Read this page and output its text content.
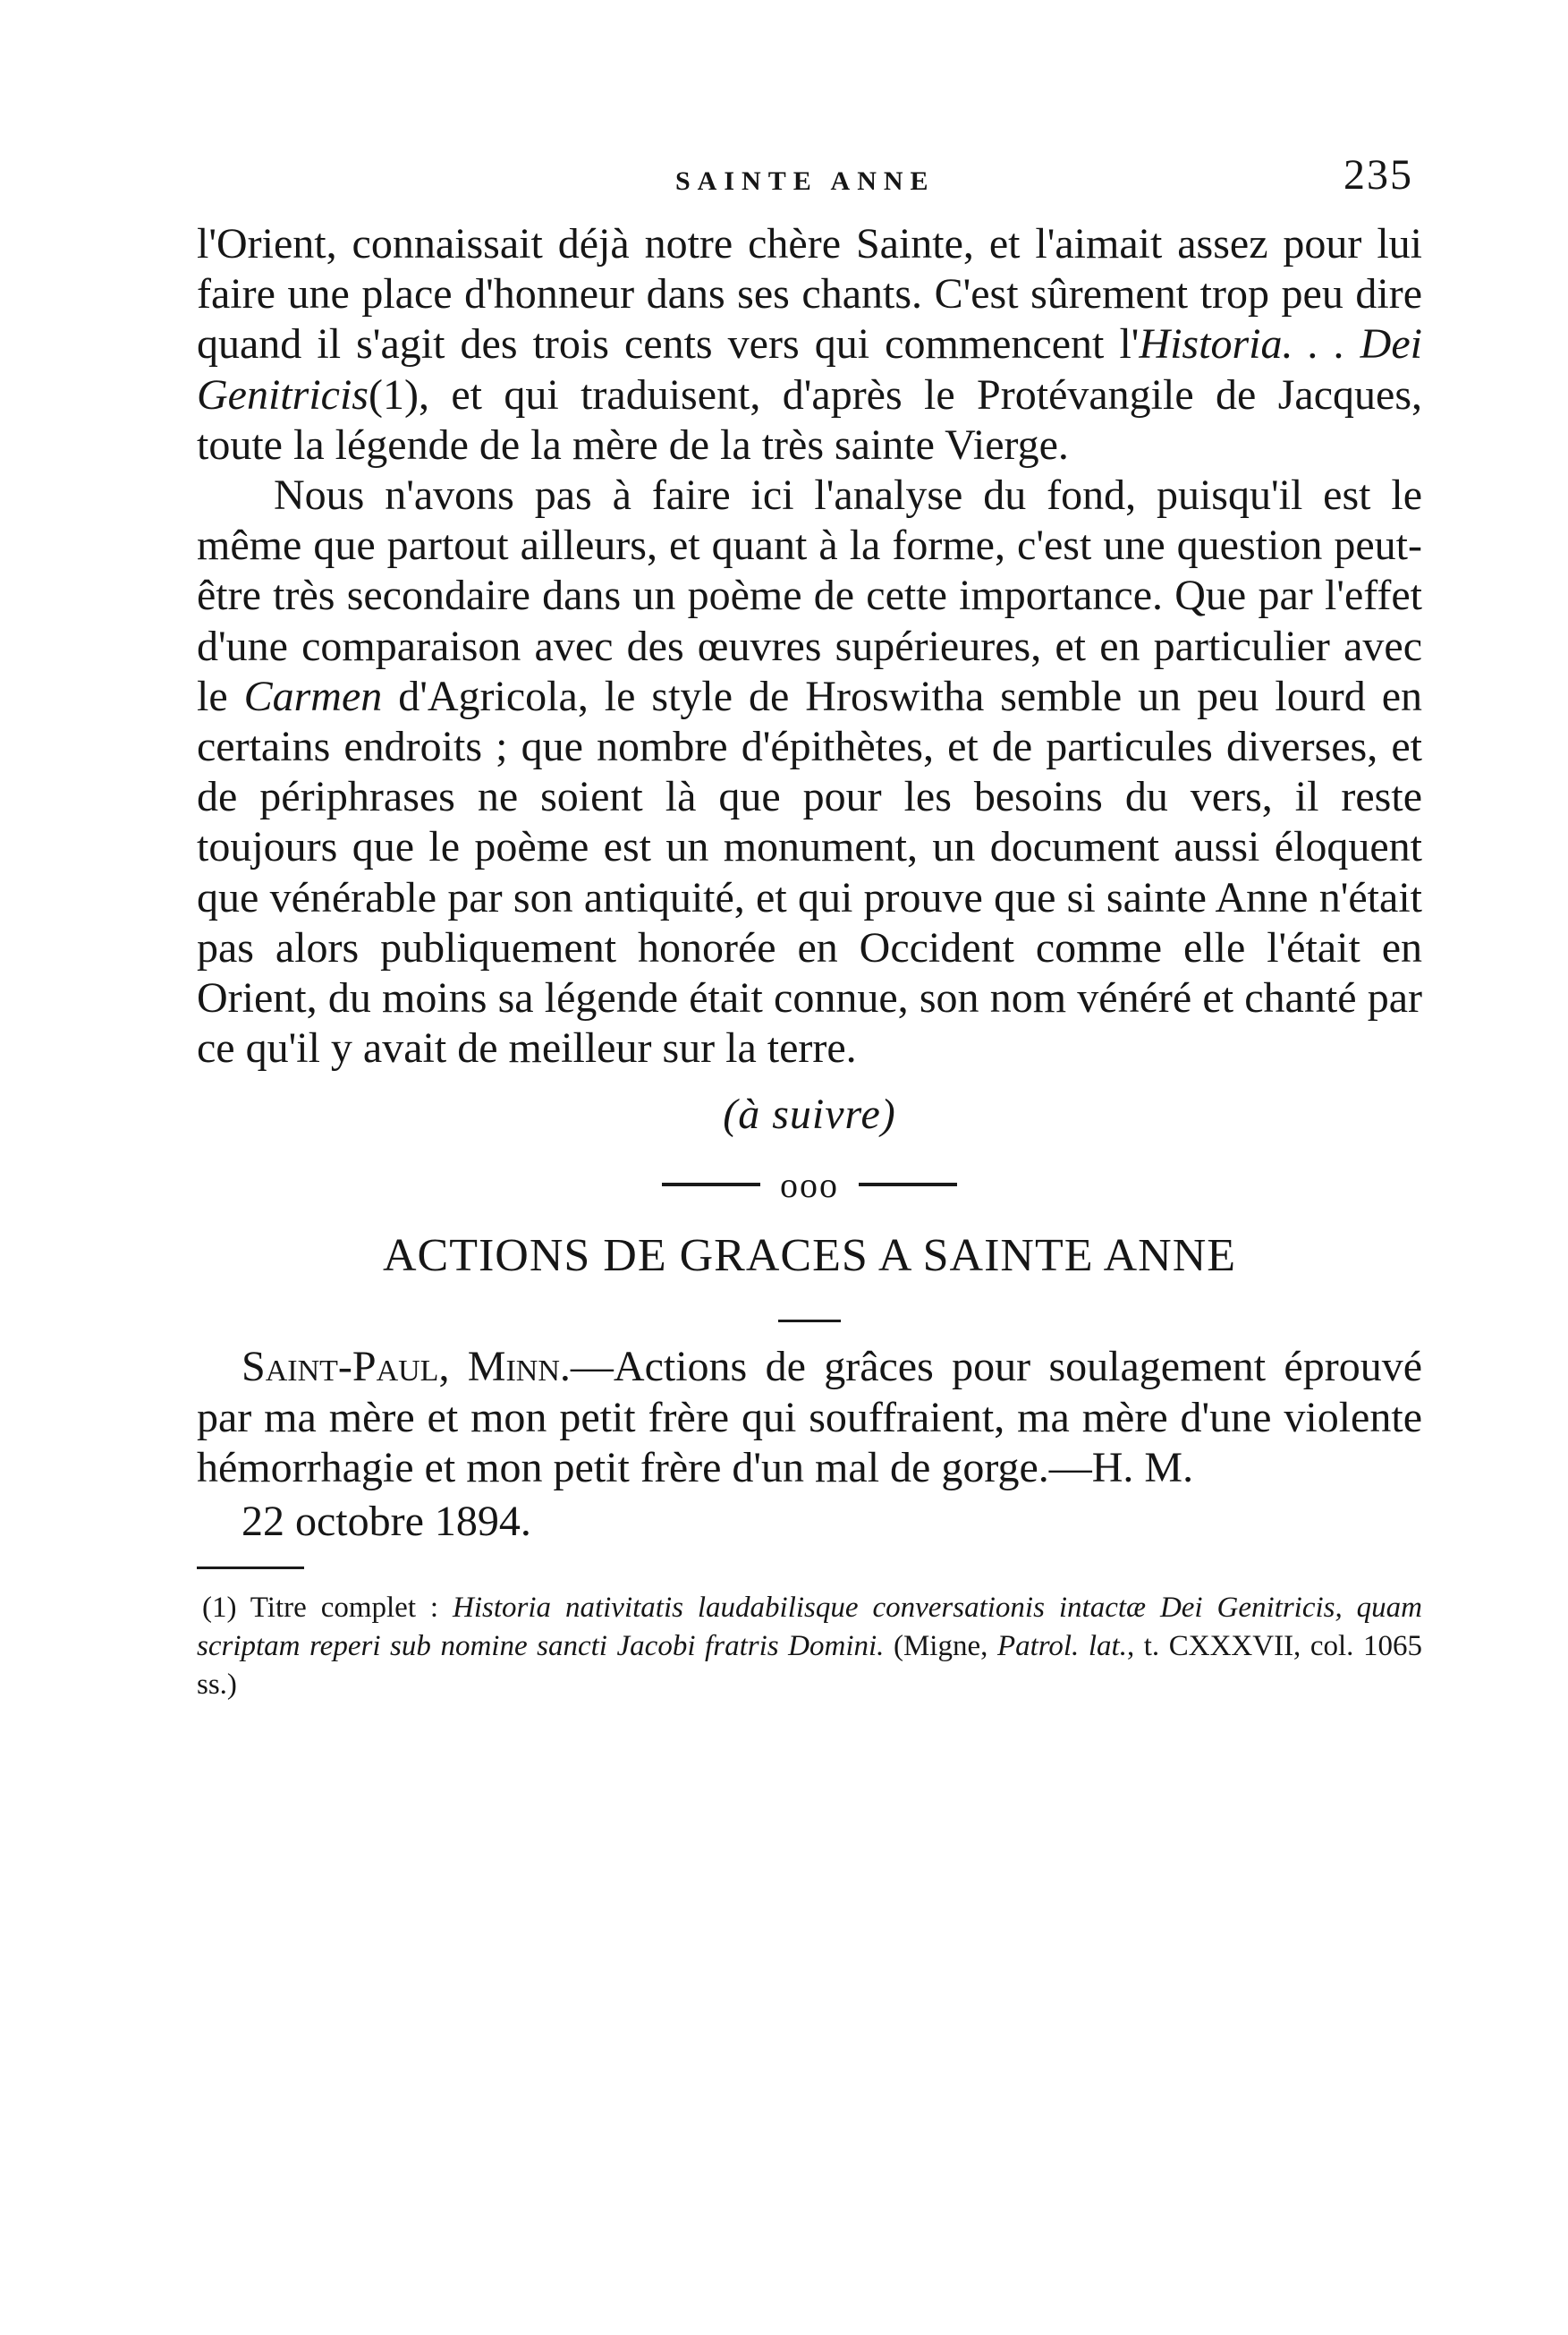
SAINTE ANNE	235

l'Orient, connaissait déjà notre chère Sainte, et l'aimait assez pour lui faire une place d'honneur dans ses chants. C'est sûrement trop peu dire quand il s'agit des trois cents vers qui commencent l'Historia. . . Dei Genitricis(1), et qui traduisent, d'après le Protévangile de Jacques, toute la légende de la mère de la très sainte Vierge.

Nous n'avons pas à faire ici l'analyse du fond, puisqu'il est le même que partout ailleurs, et quant à la forme, c'est une question peut-être très secondaire dans un poème de cette importance. Que par l'effet d'une comparaison avec des œuvres supérieures, et en particulier avec le Carmen d'Agricola, le style de Hroswitha semble un peu lourd en certains endroits ; que nombre d'épithètes, et de particules diverses, et de périphrases ne soient là que pour les besoins du vers, il reste toujours que le poème est un monument, un document aussi éloquent que vénérable par son antiquité, et qui prouve que si sainte Anne n'était pas alors publiquement honorée en Occident comme elle l'était en Orient, du moins sa légende était connue, son nom vénéré et chanté par ce qu'il y avait de meilleur sur la terre.

(à suivre)

ooo
ACTIONS DE GRACES A SAINTE ANNE

Saint-Paul, Minn.—Actions de grâces pour soulagement éprouvé par ma mère et mon petit frère qui souffraient, ma mère d'une violente hémorrhagie et mon petit frère d'un mal de gorge.—H. M.

22 octobre 1894.

(1) Titre complet : Historia nativitatis laudabilisque conversationis intactæ Dei Genitricis, quam scriptam reperi sub nomine sancti Jacobi fratris Domini. (Migne, Patrol. lat., t. CXXXVII, col. 1065 ss.)
